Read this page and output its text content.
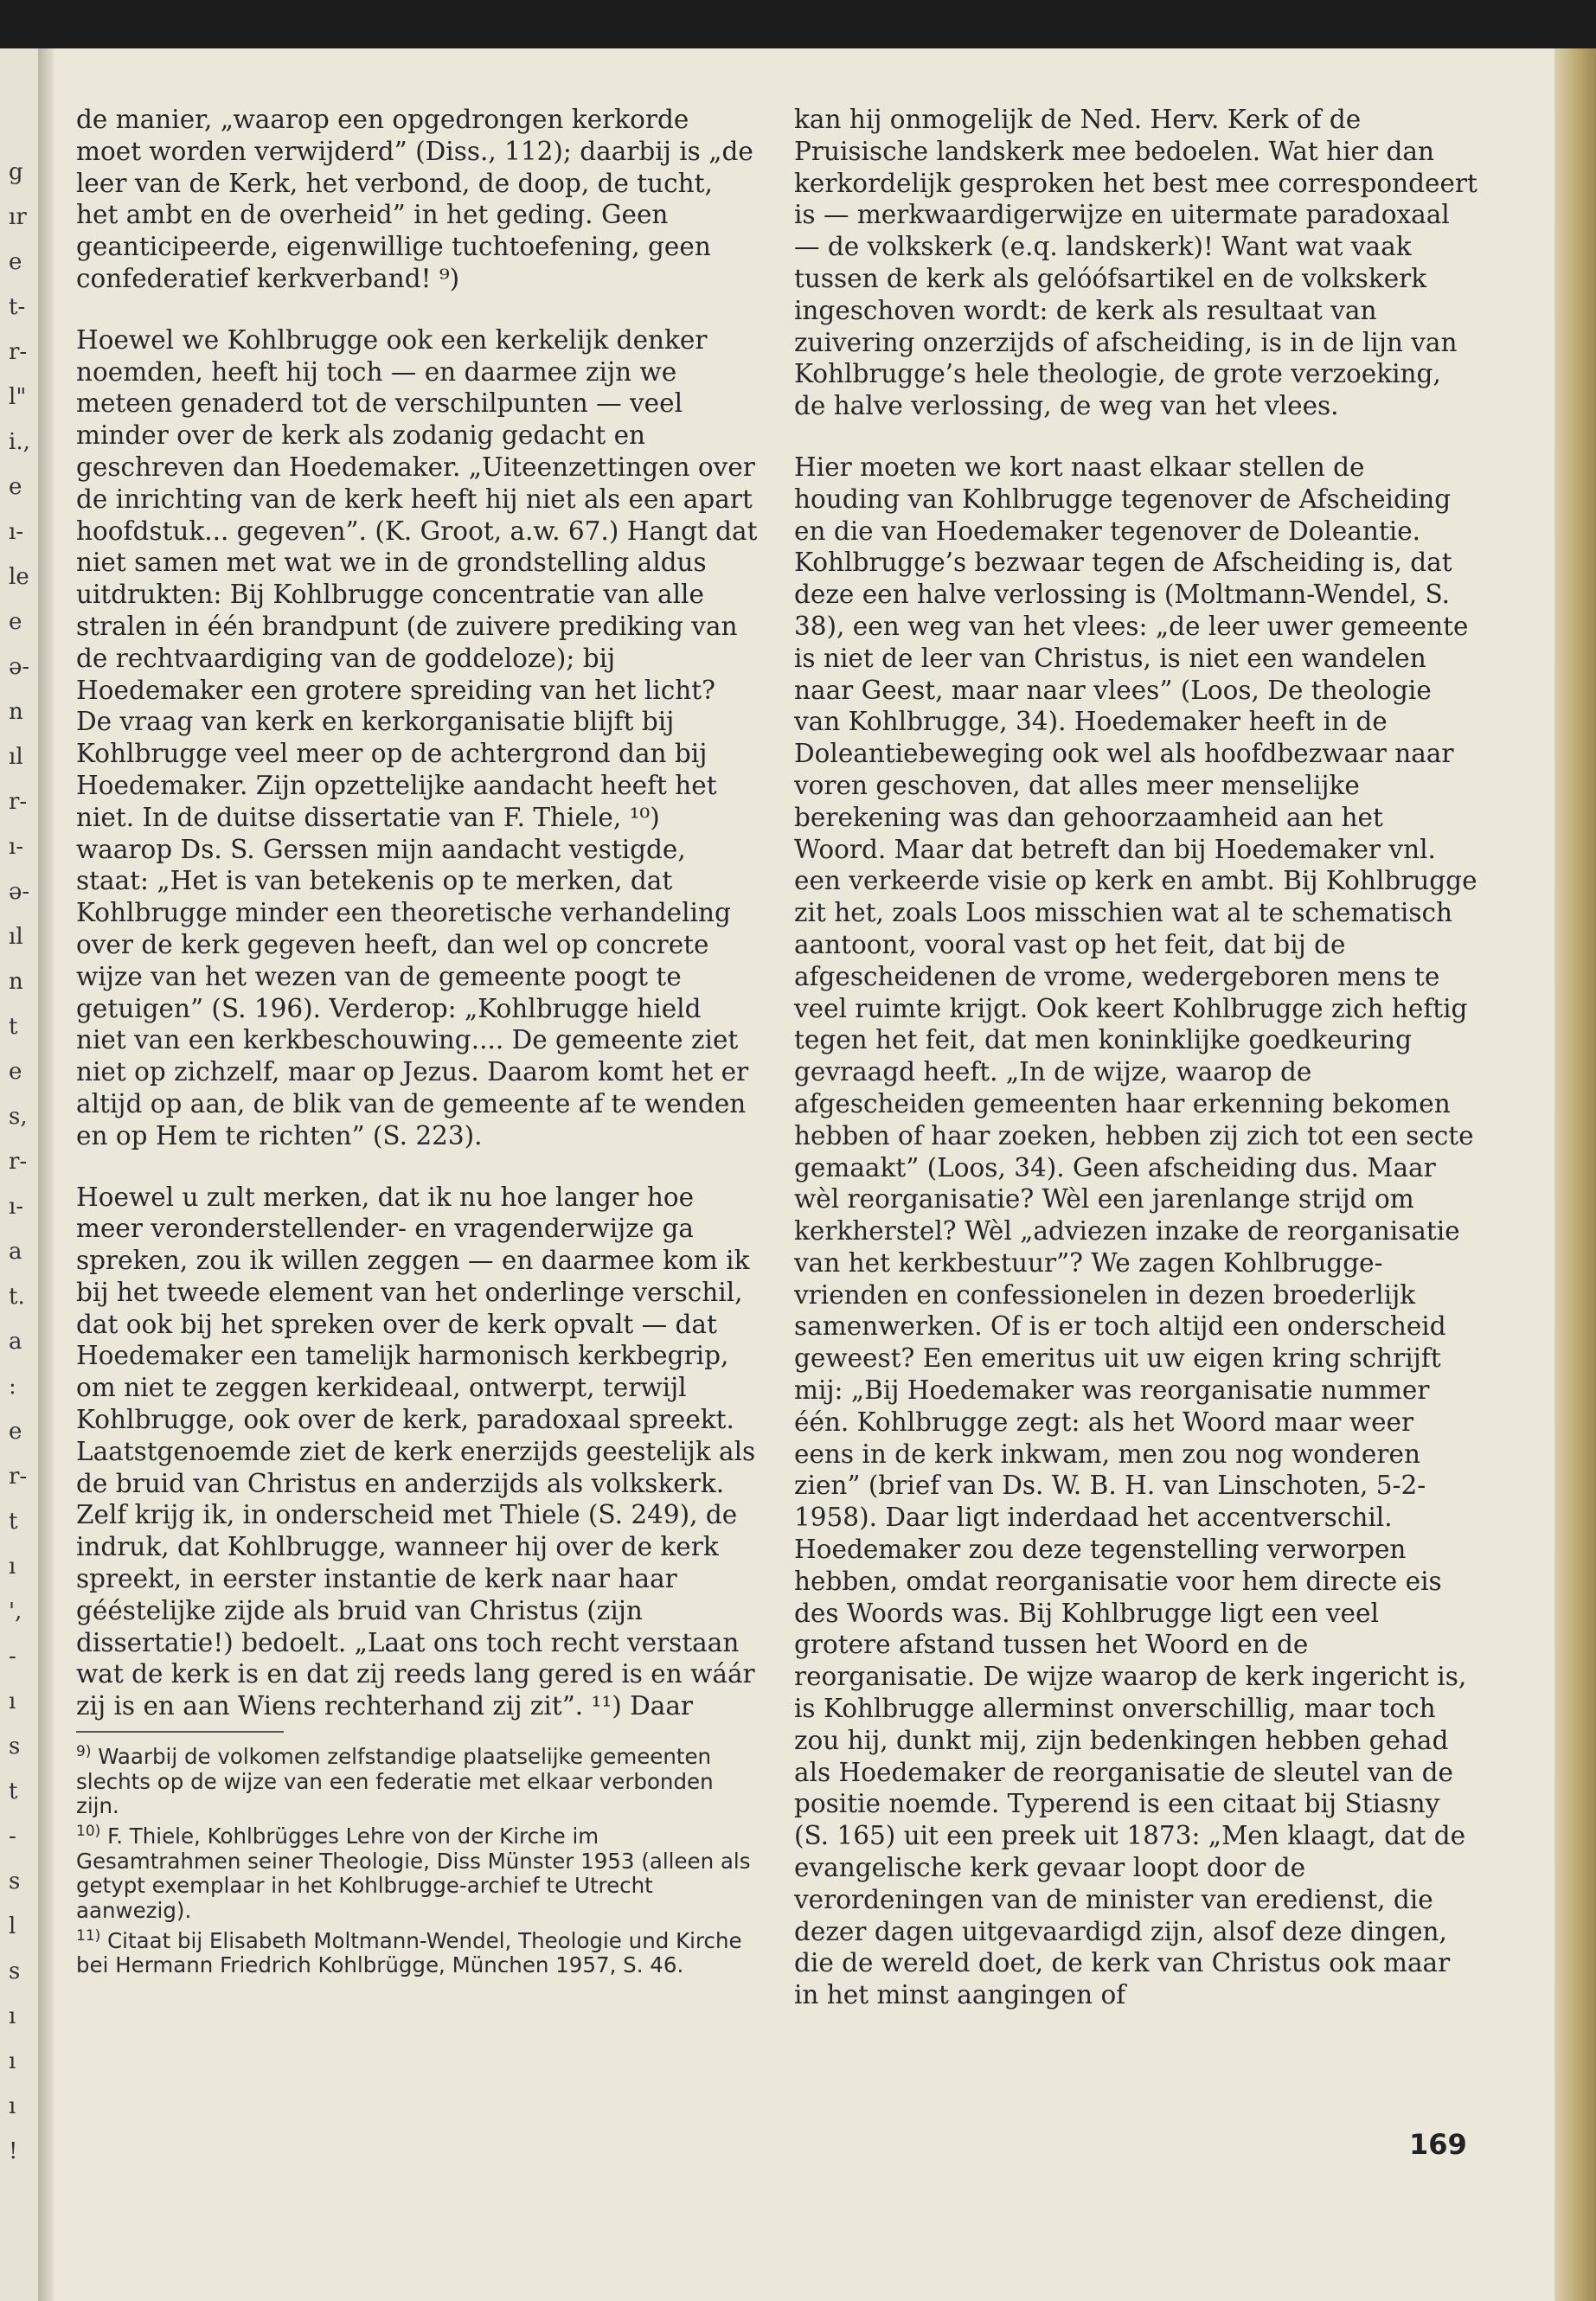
g
ır
e
t-
r-
l"
i.,
e
ı-
le
e
ə-
n
ıl
r-
ı-
ə-
ıl
n
t
e
s,
r-
ı-
a
t.
a
:
e
r-
t
ı
',
-
ı
s
t
-
s
l
s
ı
ı
ı
!

de manier, „waarop een opgedrongen kerkorde moet worden verwijderd” (Diss., 112); daarbij is „de leer van de Kerk, het verbond, de doop, de tucht, het ambt en de overheid” in het geding. Geen geanticipeerde, eigenwillige tuchtoefening, geen confederatief kerkverband! ⁹)

Hoewel we Kohlbrugge ook een kerkelijk denker noemden, heeft hij toch — en daarmee zijn we meteen genaderd tot de verschilpunten — veel minder over de kerk als zodanig gedacht en geschreven dan Hoedemaker. „Uiteenzettingen over de inrichting van de kerk heeft hij niet als een apart hoofdstuk... gegeven”. (K. Groot, a.w. 67.) Hangt dat niet samen met wat we in de grondstelling aldus uitdrukten: Bij Kohlbrugge concentratie van alle stralen in één brandpunt (de zuivere prediking van de rechtvaardiging van de goddeloze); bij Hoedemaker een grotere spreiding van het licht? De vraag van kerk en kerkorganisatie blijft bij Kohlbrugge veel meer op de achtergrond dan bij Hoedemaker. Zijn opzettelijke aandacht heeft het niet. In de duitse dissertatie van F. Thiele, ¹⁰) waarop Ds. S. Gerssen mijn aandacht vestigde, staat: „Het is van betekenis op te merken, dat Kohlbrugge minder een theoretische verhandeling over de kerk gegeven heeft, dan wel op concrete wijze van het wezen van de gemeente poogt te getuigen” (S. 196). Verderop: „Kohlbrugge hield niet van een kerkbeschouwing.... De gemeente ziet niet op zichzelf, maar op Jezus. Daarom komt het er altijd op aan, de blik van de gemeente af te wenden en op Hem te richten” (S. 223).

Hoewel u zult merken, dat ik nu hoe langer hoe meer veronderstellender- en vragenderwijze ga spreken, zou ik willen zeggen — en daarmee kom ik bij het tweede element van het onderlinge verschil, dat ook bij het spreken over de kerk opvalt — dat Hoedemaker een tamelijk harmonisch kerkbegrip, om niet te zeggen kerkideaal, ontwerpt, terwijl Kohlbrugge, ook over de kerk, paradoxaal spreekt. Laatstgenoemde ziet de kerk enerzijds geestelijk als de bruid van Christus en anderzijds als volkskerk. Zelf krijg ik, in onderscheid met Thiele (S. 249), de indruk, dat Kohlbrugge, wanneer hij over de kerk spreekt, in eerster instantie de kerk naar haar gééstelijke zijde als bruid van Christus (zijn dissertatie!) bedoelt. „Laat ons toch recht verstaan wat de kerk is en dat zij reeds lang gered is en wáár zij is en aan Wiens rechterhand zij zit”. ¹¹) Daar

$^{9)}$ Waarbij de volkomen zelfstandige plaatselijke gemeenten slechts op de wijze van een federatie met elkaar verbonden zijn.
$^{10)}$ F. Thiele, Kohlbrügges Lehre von der Kirche im Gesamtrahmen seiner Theologie, Diss Münster 1953 (alleen als getypt exemplaar in het Kohlbrugge-archief te Utrecht aanwezig).
$^{11)}$ Citaat bij Elisabeth Moltmann-Wendel, Theologie und Kirche bei Hermann Friedrich Kohlbrügge, München 1957, S. 46.

kan hij onmogelijk de Ned. Herv. Kerk of de Pruisische landskerk mee bedoelen. Wat hier dan kerkordelijk gesproken het best mee correspondeert is — merkwaardigerwijze en uitermate paradoxaal — de volkskerk (e.q. landskerk)! Want wat vaak tussen de kerk als gelóófsartikel en de volkskerk ingeschoven wordt: de kerk als resultaat van zuivering onzerzijds of afscheiding, is in de lijn van Kohlbrugge’s hele theologie, de grote verzoeking, de halve verlossing, de weg van het vlees.

Hier moeten we kort naast elkaar stellen de houding van Kohlbrugge tegenover de Afscheiding en die van Hoedemaker tegenover de Doleantie. Kohlbrugge’s bezwaar tegen de Afscheiding is, dat deze een halve verlossing is (Moltmann-Wendel, S. 38), een weg van het vlees: „de leer uwer gemeente is niet de leer van Christus, is niet een wandelen naar Geest, maar naar vlees” (Loos, De theologie van Kohlbrugge, 34). Hoedemaker heeft in de Doleantiebeweging ook wel als hoofdbezwaar naar voren geschoven, dat alles meer menselijke berekening was dan gehoorzaamheid aan het Woord. Maar dat betreft dan bij Hoedemaker vnl. een verkeerde visie op kerk en ambt. Bij Kohlbrugge zit het, zoals Loos misschien wat al te schematisch aantoont, vooral vast op het feit, dat bij de afgescheidenen de vrome, wedergeboren mens te veel ruimte krijgt. Ook keert Kohlbrugge zich heftig tegen het feit, dat men koninklijke goedkeuring gevraagd heeft. „In de wijze, waarop de afgescheiden gemeenten haar erkenning bekomen hebben of haar zoeken, hebben zij zich tot een secte gemaakt” (Loos, 34). Geen afscheiding dus. Maar wèl reorganisatie? Wèl een jarenlange strijd om kerkherstel? Wèl „adviezen inzake de reorganisatie van het kerkbestuur”? We zagen Kohlbrugge-vrienden en confessionelen in dezen broederlijk samenwerken. Of is er toch altijd een onderscheid geweest? Een emeritus uit uw eigen kring schrijft mij: „Bij Hoedemaker was reorganisatie nummer één. Kohlbrugge zegt: als het Woord maar weer eens in de kerk inkwam, men zou nog wonderen zien” (brief van Ds. W. B. H. van Linschoten, 5-2-1958). Daar ligt inderdaad het accentverschil. Hoedemaker zou deze tegenstelling verworpen hebben, omdat reorganisatie voor hem directe eis des Woords was. Bij Kohlbrugge ligt een veel grotere afstand tussen het Woord en de reorganisatie. De wijze waarop de kerk ingericht is, is Kohlbrugge allerminst onverschillig, maar toch zou hij, dunkt mij, zijn bedenkingen hebben gehad als Hoedemaker de reorganisatie de sleutel van de positie noemde. Typerend is een citaat bij Stiasny (S. 165) uit een preek uit 1873: „Men klaagt, dat de evangelische kerk gevaar loopt door de verordeningen van de minister van eredienst, die dezer dagen uitgevaardigd zijn, alsof deze dingen, die de wereld doet, de kerk van Christus ook maar in het minst aangingen of

169
